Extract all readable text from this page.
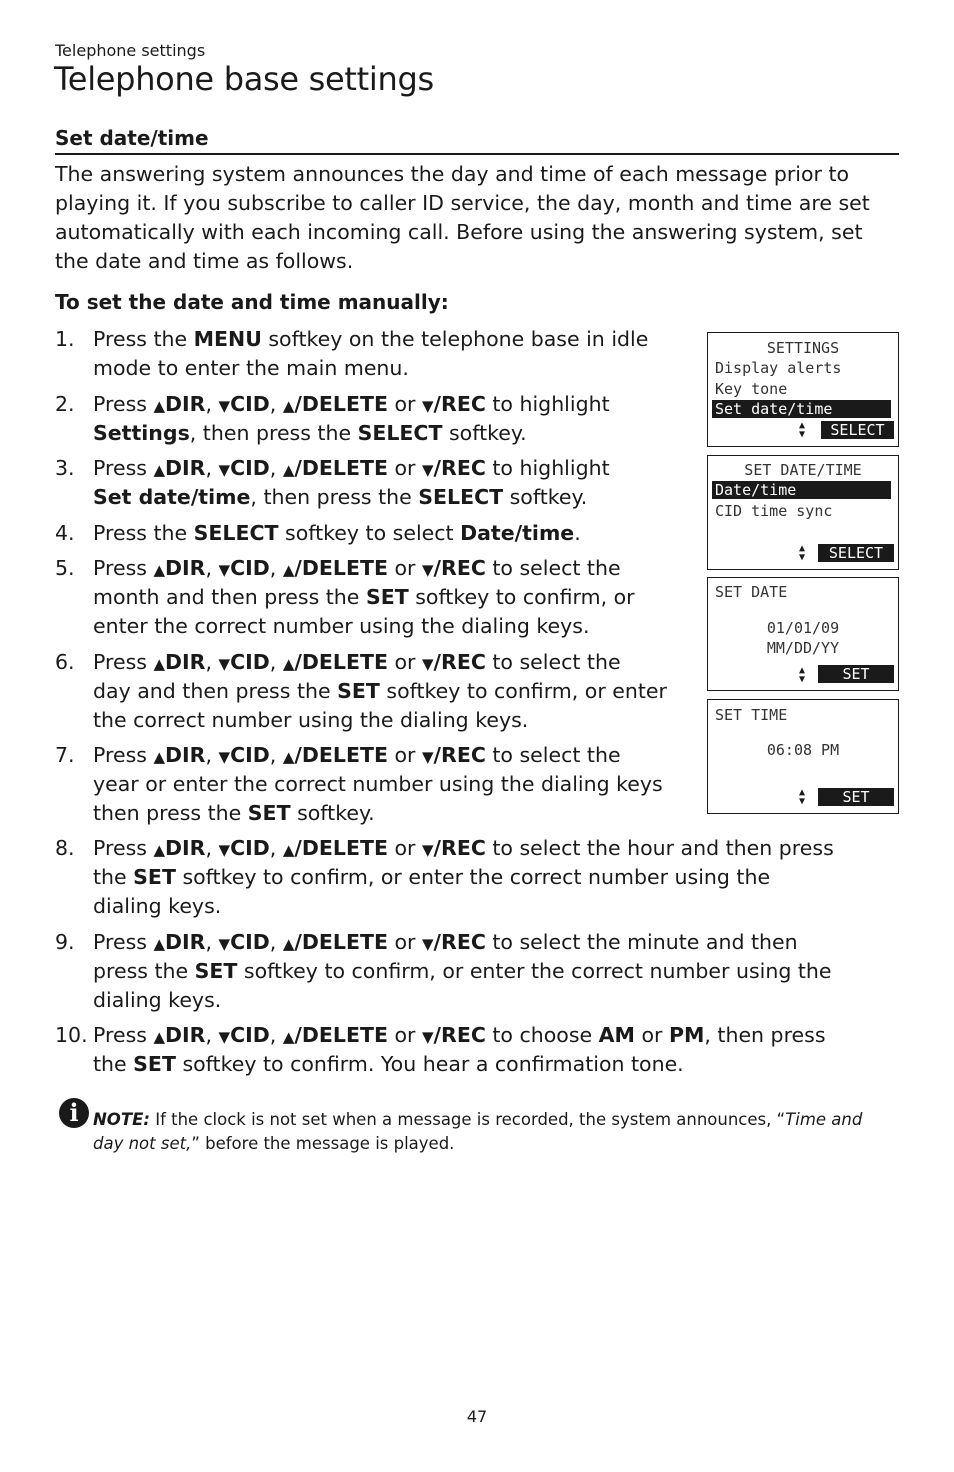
Telephone settings
Telephone base settings
Set date/time

The answering system announces the day and time of each message prior to playing it. If you subscribe to caller ID service, the day, month and time are set automatically with each incoming call. Before using the answering system, set the date and time as follows.

To set the date and time manually:
1. Press the MENU softkey on the telephone base in idle
mode to enter the main menu.
2. Press ▲DIR, ▼CID, ▲/DELETE or ▼/REC to highlight
Settings, then press the SELECT softkey.
3. Press ▲DIR, ▼CID, ▲/DELETE or ▼/REC to highlight
Set date/time, then press the SELECT softkey.
4. Press the SELECT softkey to select Date/time.
5. Press ▲DIR, ▼CID, ▲/DELETE or ▼/REC to select the
month and then press the SET softkey to confirm, or
enter the correct number using the dialing keys.
6. Press ▲DIR, ▼CID, ▲/DELETE or ▼/REC to select the
day and then press the SET softkey to confirm, or enter
the correct number using the dialing keys.
7. Press ▲DIR, ▼CID, ▲/DELETE or ▼/REC to select the
year or enter the correct number using the dialing keys
then press the SET softkey.
8. Press ▲DIR, ▼CID, ▲/DELETE or ▼/REC to select the hour and then press
the SET softkey to confirm, or enter the correct number using the
dialing keys.
9. Press ▲DIR, ▼CID, ▲/DELETE or ▼/REC to select the minute and then
press the SET softkey to confirm, or enter the correct number using the
dialing keys.
10. Press ▲DIR, ▼CID, ▲/DELETE or ▼/REC to choose AM or PM, then press
the SET softkey to confirm. You hear a confirmation tone.
SETTINGS
Display alerts
Key tone
Set date/time
▲
▼	SELECT
SET DATE/TIME
Date/time
CID time sync
▲
▼	SELECT
SET DATE
01/01/09
MM/DD/YY
▲
▼	SET
SET TIME
06:08 PM
▲
▼	SET
i NOTE: If the clock is not set when a message is recorded, the system announces, “Time and day not set,” before the message is played.

47
